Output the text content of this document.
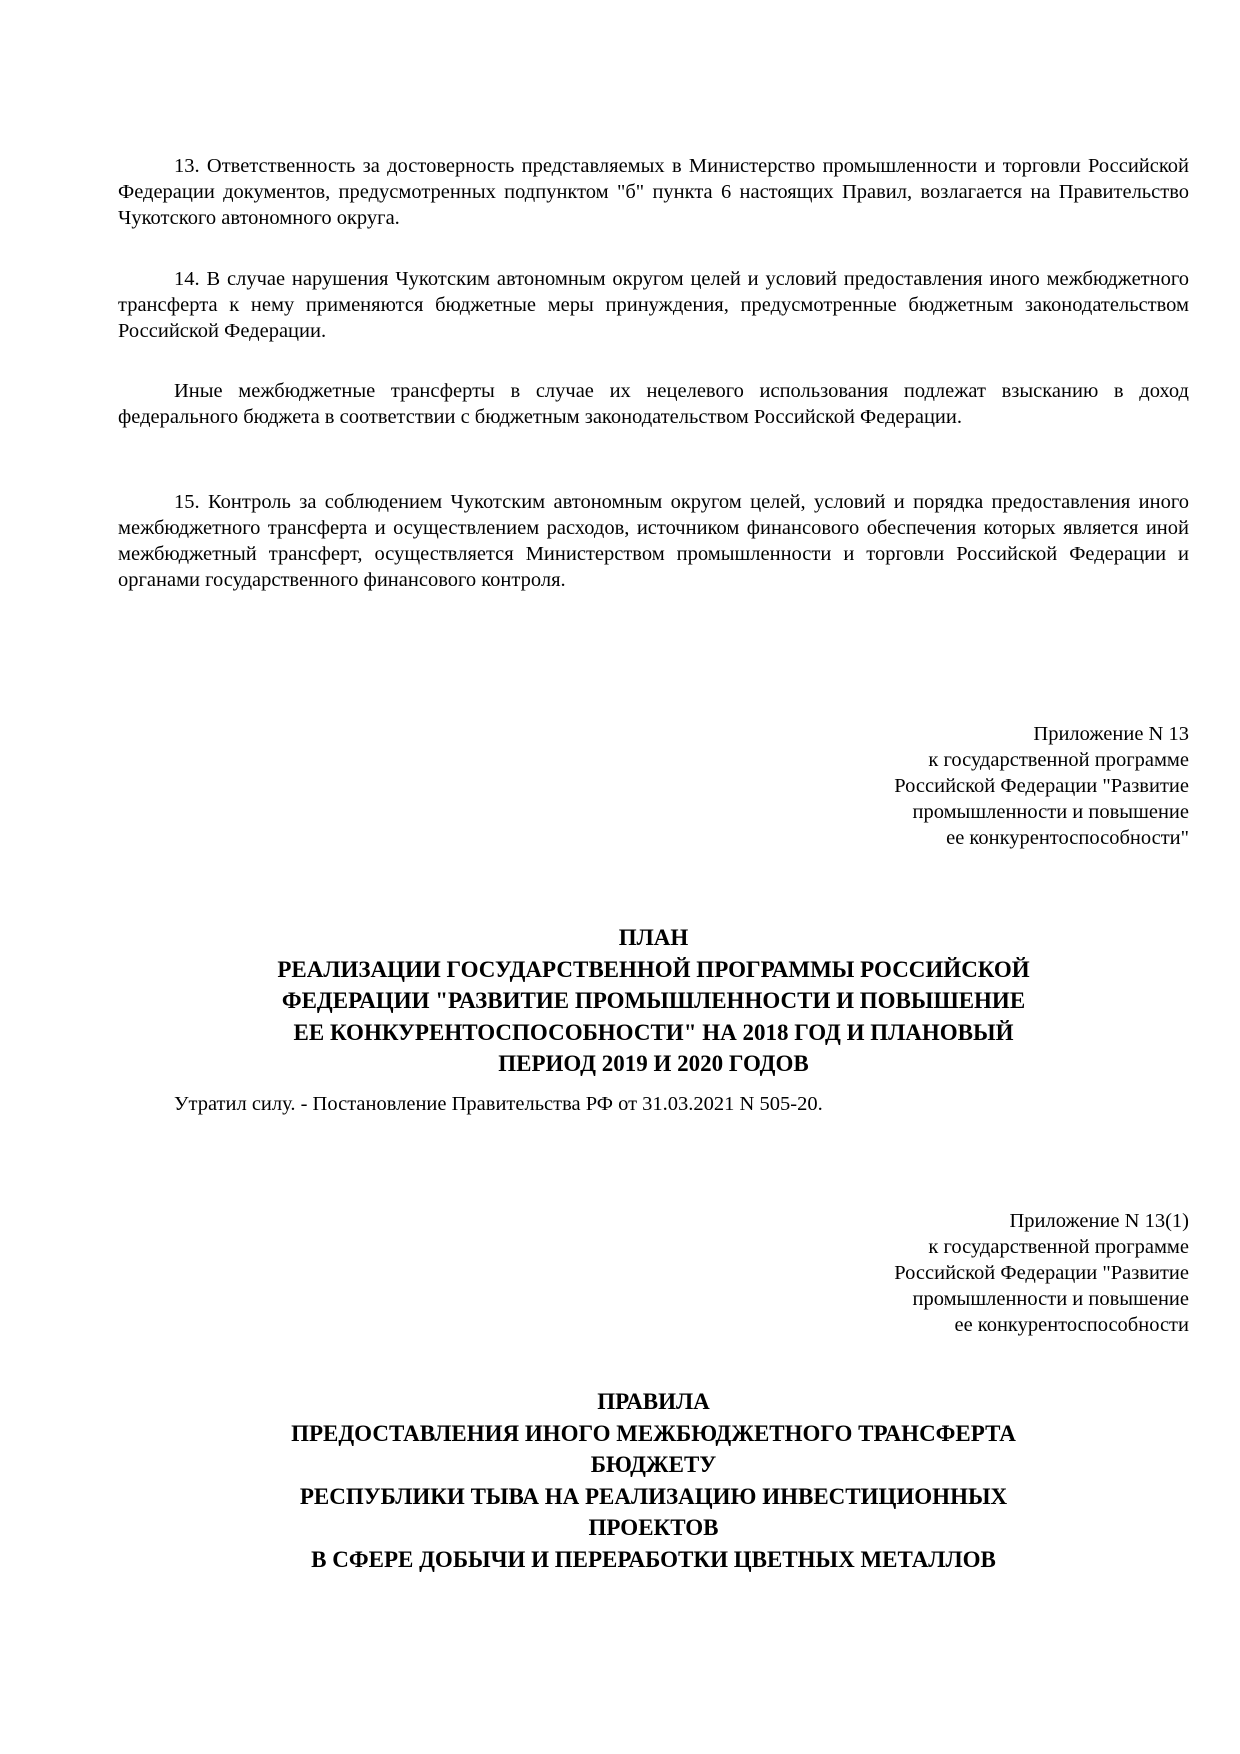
13. Ответственность за достоверность представляемых в Министерство промышленности и торговли Российской Федерации документов, предусмотренных подпунктом "б" пункта 6 настоящих Правил, возлагается на Правительство Чукотского автономного округа.

14. В случае нарушения Чукотским автономным округом целей и условий предоставления иного межбюджетного трансферта к нему применяются бюджетные меры принуждения, предусмотренные бюджетным законодательством Российской Федерации.

Иные межбюджетные трансферты в случае их нецелевого использования подлежат взысканию в доход федерального бюджета в соответствии с бюджетным законодательством Российской Федерации.

15. Контроль за соблюдением Чукотским автономным округом целей, условий и порядка предоставления иного межбюджетного трансферта и осуществлением расходов, источником финансового обеспечения которых является иной межбюджетный трансферт, осуществляется Министерством промышленности и торговли Российской Федерации и органами государственного финансового контроля.

Приложение N 13
к государственной программе
Российской Федерации "Развитие
промышленности и повышение
ее конкурентоспособности"
ПЛАН
РЕАЛИЗАЦИИ ГОСУДАРСТВЕННОЙ ПРОГРАММЫ РОССИЙСКОЙ
ФЕДЕРАЦИИ "РАЗВИТИЕ ПРОМЫШЛЕННОСТИ И ПОВЫШЕНИЕ
ЕЕ КОНКУРЕНТОСПОСОБНОСТИ" НА 2018 ГОД И ПЛАНОВЫЙ
ПЕРИОД 2019 И 2020 ГОДОВ
Утратил силу. - Постановление Правительства РФ от 31.03.2021 N 505-20.
Приложение N 13(1)
к государственной программе
Российской Федерации "Развитие
промышленности и повышение
ее конкурентоспособности
ПРАВИЛА
ПРЕДОСТАВЛЕНИЯ ИНОГО МЕЖБЮДЖЕТНОГО ТРАНСФЕРТА
БЮДЖЕТУ
РЕСПУБЛИКИ ТЫВА НА РЕАЛИЗАЦИЮ ИНВЕСТИЦИОННЫХ
ПРОЕКТОВ
В СФЕРЕ ДОБЫЧИ И ПЕРЕРАБОТКИ ЦВЕТНЫХ МЕТАЛЛОВ
